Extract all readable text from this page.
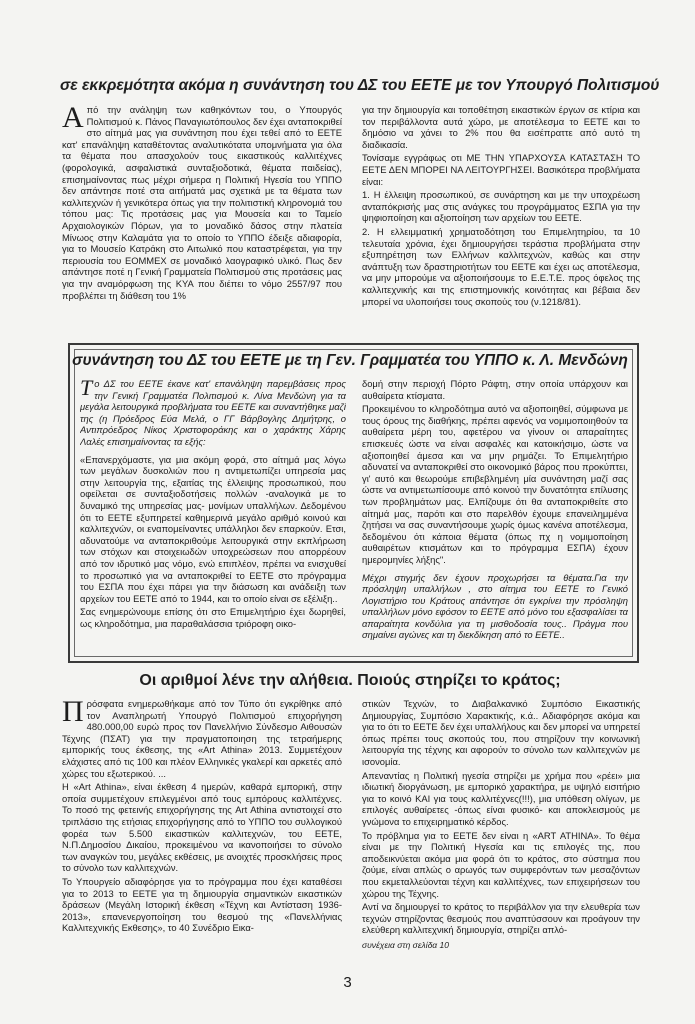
σε εκκρεμότητα ακόμα η συνάντηση του ΔΣ του ΕΕΤΕ με τον Υπουργό Πολιτισμού

Από την ανάληψη των καθηκόντων του, ο Υπουργός Πολιτισμού κ. Πάνος Παναγιωτόπουλος δεν έχει ανταποκριθεί στο αίτημά μας για συνάντηση που έχει τεθεί από το ΕΕΤΕ κατ' επανάληψη καταθέτοντας αναλυτικότατα υπομνήματα για όλα τα θέματα που απασχολούν τους εικαστικούς καλλιτέχνες (φορολογικά, ασφαλιστικά συνταξιοδοτικά, θέματα παιδείας), επισημαίνοντας πως μέχρι σήμερα η Πολιτική Ηγεσία του ΥΠΠΟ δεν απάντησε ποτέ στα αιτήματά μας σχετικά με τα θέματα των καλλιτεχνών ή γενικότερα όπως για την πολιτιστική κληρονομιά του τόπου μας: Τις προτάσεις μας για Μουσεία και το Ταμείο Αρχαιολογικών Πόρων, για το μοναδικό δάσος στην πλατεία Μίνωος στην Καλαμάτα για το οποίο το ΥΠΠΟ έδειξε αδιαφορία, για το Μουσείο Κατράκη στο Αιτωλικό που καταστρέφεται, για την περιουσία του ΕΟΜΜΕΧ σε μοναδικό λαογραφικό υλικό. Πως δεν απάντησε ποτέ η Γενική Γραμματεία Πολιτισμού στις προτάσεις μας για την αναμόρφωση της ΚΥΑ που διέπει το νόμο 2557/97 που προβλέπει τη διάθεση του 1%

για την δημιουργία και τοποθέτηση εικαστικών έργων σε κτίρια και τον περιβάλλοντα αυτά χώρο, με αποτέλεσμα το ΕΕΤΕ και το δημόσιο να χάνει το 2% που θα εισέπραττε από αυτό τη διαδικασία.

Τονίσαμε εγγράφως οτι ΜΕ ΤΗΝ ΥΠΑΡΧΟΥΣΑ ΚΑΤΑΣΤΑΣΗ ΤΟ ΕΕΤΕ ΔΕΝ ΜΠΟΡΕΙ ΝΑ ΛΕΙΤΟΥΡΓΗΣΕΙ. Βασικότερα προβλήματα είναι:

1. Η έλλειψη προσωπικού, σε συνάρτηση και με την υποχρέωση ανταπόκρισής μας στις ανάγκες του προγράμματος ΕΣΠΑ για την ψηφιοποίηση και αξιοποίηση των αρχείων του ΕΕΤΕ.

2. Η ελλειμματική χρηματοδότηση του Επιμελητηρίου, τα 10 τελευταία χρόνια, έχει δημιουργήσει τεράστια προβλήματα στην εξυπηρέτηση των Ελλήνων καλλιτεχνών, καθώς και στην ανάπτυξη των δραστηριοτήτων του ΕΕΤΕ και έχει ως αποτέλεσμα, να μην μπορούμε να αξιοποιήσουμε το Ε.Ε.Τ.Ε. προς όφελος της καλλιτεχνικής και της επιστημονικής κοινότητας και βέβαια δεν μπορεί να υλοποιήσει τους σκοπούς του (ν.1218/81).

συνάντηση του ΔΣ του ΕΕΤΕ με τη Γεν. Γραμματέα του ΥΠΠΟ κ. Λ. Μενδώνη

Το ΔΣ του ΕΕΤΕ έκανε κατ' επανάληψη παρεμβάσεις προς την Γενική Γραμματέα Πολιτισμού κ. Λίνα Μενδώνη για τα μεγάλα λειτουργικά προβλήματα του ΕΕΤΕ και συναντήθηκε μαζί της (η Πρόεδρος Εύα Μελά, ο ΓΓ Βάρβογλης Δημήτρης, ο Αντιπρόεδρος Νίκος Χριστοφοράκης και ο χαράκτης Χάρης Λαλές επισημαίνοντας τα εξής:

«Επανερχόμαστε, για μια ακόμη φορά, στο αίτημά μας λόγω των μεγάλων δυσκολιών που η αντιμετωπίζει υπηρεσία μας στην λειτουργία της, εξαιτίας της έλλειψης προσωπικού, που οφείλεται σε συνταξιοδοτήσεις πολλών -αναλογικά με το δυναμικό της υπηρεσίας μας- μονίμων υπαλλήλων. Δεδομένου ότι το ΕΕΤΕ εξυπηρετεί καθημερινά μεγάλο αριθμό κοινού και καλλιτεχνών, οι εναπομείναντες υπάλληλοι δεν επαρκούν. Ετσι, αδυνατούμε να ανταποκριθούμε λειτουργικά στην εκπλήρωση των στόχων και στοιχειωδών υποχρεώσεων που απορρέουν από τον ιδρυτικό μας νόμο, ενώ επιπλέον, πρέπει να ενισχυθεί το προσωπικό για να ανταποκριθεί το ΕΕΤΕ στο πρόγραμμα του ΕΣΠΑ που έχει πάρει για την διάσωση και ανάδειξη των αρχείων του ΕΕΤΕ από το 1944, και το οποίο είναι σε εξέλιξη..

Σας ενημερώνουμε επίσης ότι στο Επιμελητήριο έχει δωρηθεί, ως κληροδότημα, μια παραθαλάσσια τριόροφη οικο-

δομή στην περιοχή Πόρτο Ράφτη, στην οποία υπάρχουν και αυθαίρετα κτίσματα.

Προκειμένου το κληροδότημα αυτό να αξιοποιηθεί, σύμφωνα με τους όρους της διαθήκης, πρέπει αφενός να νομιμοποιηθούν τα αυθαίρετα μέρη του, αφετέρου να γίνουν οι απαραίτητες επισκευές ώστε να είναι ασφαλές και κατοικήσιμο, ώστε να αξιοποιηθεί άμεσα και να μην ρημάζει. Το Επιμελητήριο αδυνατεί να ανταποκριθεί στο οικονομικό βάρος που προκύπτει, γι' αυτό και θεωρούμε επιβεβλημένη μία συνάντηση μαζί σας ώστε να αντιμετωπίσουμε από κοινού την δυνατότητα επίλυσης των προβλημάτων μας. Ελπίζουμε ότι θα ανταποκριθείτε στο αίτημά μας, παρότι και στο παρελθόν έχουμε επανειλημμένα ζητήσει να σας συναντήσουμε χωρίς όμως κανένα αποτέλεσμα, δεδομένου ότι κάποια θέματα (όπως πχ η νομιμοποίηση αυθαιρέτων κτισμάτων και το πρόγραμμα ΕΣΠΑ) έχουν ημερομηνίες λήξης".

Μέχρι στιγμής δεν έχουν προχωρήσει τα θέματα.Για την πρόσληψη υπαλλήλων , στο αίτημα του ΕΕΤΕ το Γενικό Λογιστήριο του Κράτους απάντησε ότι εγκρίνει την πρόσληψη υπαλλήλων μόνο εφόσον το ΕΕΤΕ από μόνο του εξασφαλίσει τα απαραίτητα κονδύλια για τη μισθοδοσία τους.. Πράγμα που σημαίνει αγώνες και τη διεκδίκηση από το ΕΕΤΕ..

Οι αριθμοί λένε την αλήθεια. Ποιούς στηρίζει το κράτος;

Πρόσφατα ενημερωθήκαμε από τον Τύπο ότι εγκρίθηκε από τον Αναπληρωτή Υπουργό Πολιτισμού επιχορήγηση 480.000,00 ευρώ προς τον Πανελλήνιο Σύνδεσμο Αιθουσών Τέχνης (ΠΣΑΤ) για την πραγματοποιηση της τετραήμερης εμπορικής τους έκθεσης, της «Art Athina» 2013. Συμμετέχουν ελάχιστες από τις 100 και πλέον Ελληνικές γκαλερί και αρκετές από χώρες του εξωτερικού. ...

Η «Art Athina», είναι έκθεση 4 ημερών, καθαρά εμπορική, στην οποία συμμετέχουν επιλεγμένοι από τους εμπόρους καλλιτέχνες. Το ποσό της φετεινής επιχορήγησης της Art Athina αντιστοιχεί στο τριπλάσιο της ετήσιας επιχορήγησης από το ΥΠΠΟ του συλλογικού φορέα των 5.500 εικαστικών καλλιτεχνών, του ΕΕΤΕ, Ν.Π.Δημοσίου Δικαίου, προκειμένου να ικανοποιήσει το σύνολο των αναγκών του, μεγάλες εκθέσεις, με ανοιχτές προσκλήσεις προς το σύνολο των καλλιτεχνών.

Το Υπουργείο αδιαφόρησε για το πρόγραμμα που έχει καταθέσει για το 2013 το ΕΕΤΕ για τη δημιουργία σημαντικών εικαστικών δράσεων (Μεγάλη Ιστορική έκθεση «Τέχνη και Αντίσταση 1936-2013», επανενεργοποίηση του θεσμού της «Πανελλήνιας Καλλιτεχνικής Εκθεσης», το 40 Συνέδριο Εικα-

στικών Τεχνών, το Διαβαλκανικό Συμπόσιο Εικαστικής Δημιουργίας, Συμπόσιο Χαρακτικής, κ.ά.. Αδιαφόρησε ακόμα και για το ότι το ΕΕΤΕ δεν έχει υπαλλήλους και δεν μπορεί να υπηρετεί όπως πρέπει τους σκοπούς του, που στηρίζουν την κοινωνική λειτουργία της τέχνης και αφορούν το σύνολο των καλλιτεχνών με ισονομία.

Απεναντίας η Πολιτική ηγεσία στηρίζει με χρήμα που «ρέει» μια ιδιωτική διοργάνωση, με εμπορικό χαρακτήρα, με υψηλό εισιτήριο για το κοινό ΚΑΙ για τους καλλιτέχνες(!!!), μια υπόθεση ολίγων, με επιλογές αυθαίρετες -όπως είναι φυσικό- και αποκλεισμούς με γνώμονα το επιχειρηματικό κέρδος.

Το πρόβλημα για το ΕΕΤΕ δεν είναι η «ART ATHINA». Το θέμα είναι με την Πολιτική Ηγεσία και τις επιλογές της, που αποδεικνύεται ακόμα μια φορά ότι το κράτος, στο σύστημα που ζούμε, είναι απλώς ο αρωγός των συμφερόντων των μεσαζόντων που εκμεταλλεύονται τέχνη και καλλιτέχνες, των επιχειρήσεων του χώρου της Τέχνης.

Αντί να δημιουργεί το κράτος το περιβάλλον για την ελευθερία των τεχνών στηρίζοντας θεσμούς που αναπτύσσουν και προάγουν την ελεύθερη καλλιτεχνική δημιουργία, στηρίζει απλό-

συνέχεια στη σελίδα 10
3
